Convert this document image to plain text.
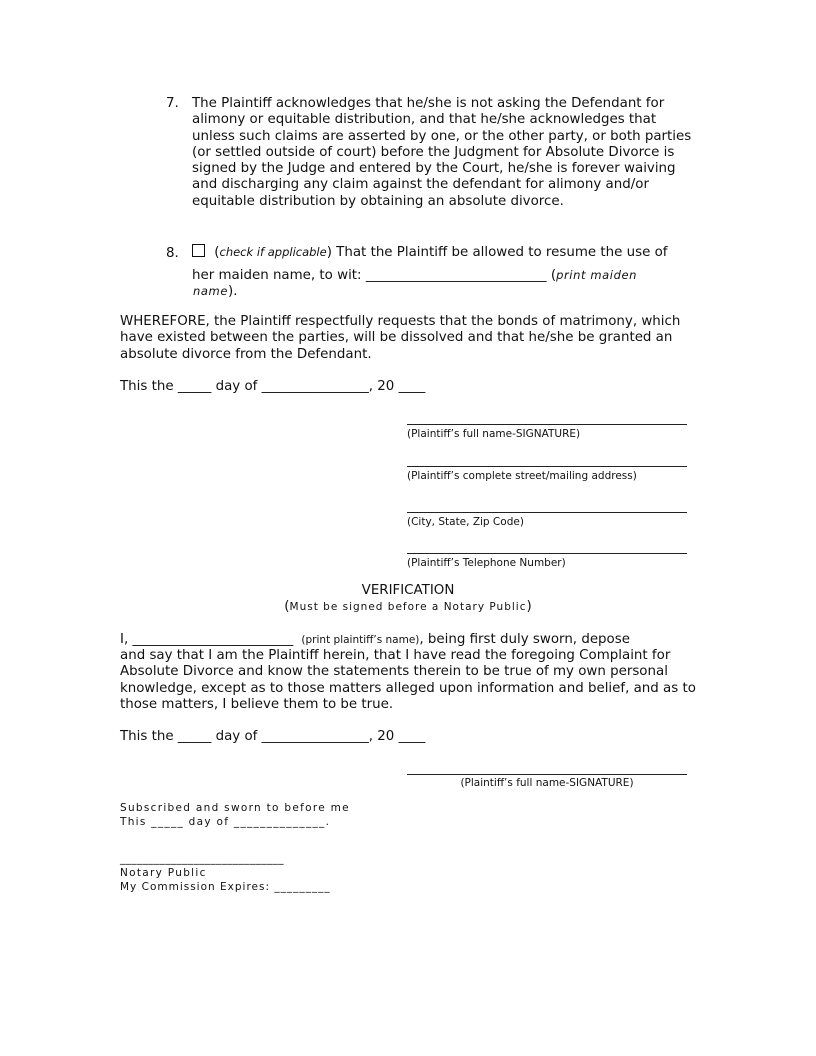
7. The Plaintiff acknowledges that he/she is not asking the Defendant for
alimony or equitable distribution, and that he/she acknowledges that
unless such claims are asserted by one, or the other party, or both parties
(or settled outside of court) before the Judgment for Absolute Divorce is
signed by the Judge and entered by the Court, he/she is forever waiving
and discharging any claim against the defendant for alimony and/or
equitable distribution by obtaining an absolute divorce.
8.	(check if applicable) That the Plaintiff be allowed to resume the use of
her maiden name, to wit: ___________________________ (print maiden
name).
WHEREFORE, the Plaintiff respectfully requests that the bonds of matrimony, which
have existed between the parties, will be dissolved and that he/she be granted an
absolute divorce from the Defendant.
This the _____ day of ________________, 20 ____
(Plaintiff’s full name-SIGNATURE)
(Plaintiff’s complete street/mailing address)
(City, State, Zip Code)
(Plaintiff’s Telephone Number)
VERIFICATION
(Must be signed before a Notary Public)
I, ________________________ (print plaintiff’s name), being first duly sworn, depose
and say that I am the Plaintiff herein, that I have read the foregoing Complaint for
Absolute Divorce and know the statements therein to be true of my own personal
knowledge, except as to those matters alleged upon information and belief, and as to
those matters, I believe them to be true.
This the _____ day of ________________, 20 ____
(Plaintiff’s full name-SIGNATURE)
Subscribed and sworn to before me
This _____ day of ______________.
_____________________________
Notary Public
My Commission Expires: _________
